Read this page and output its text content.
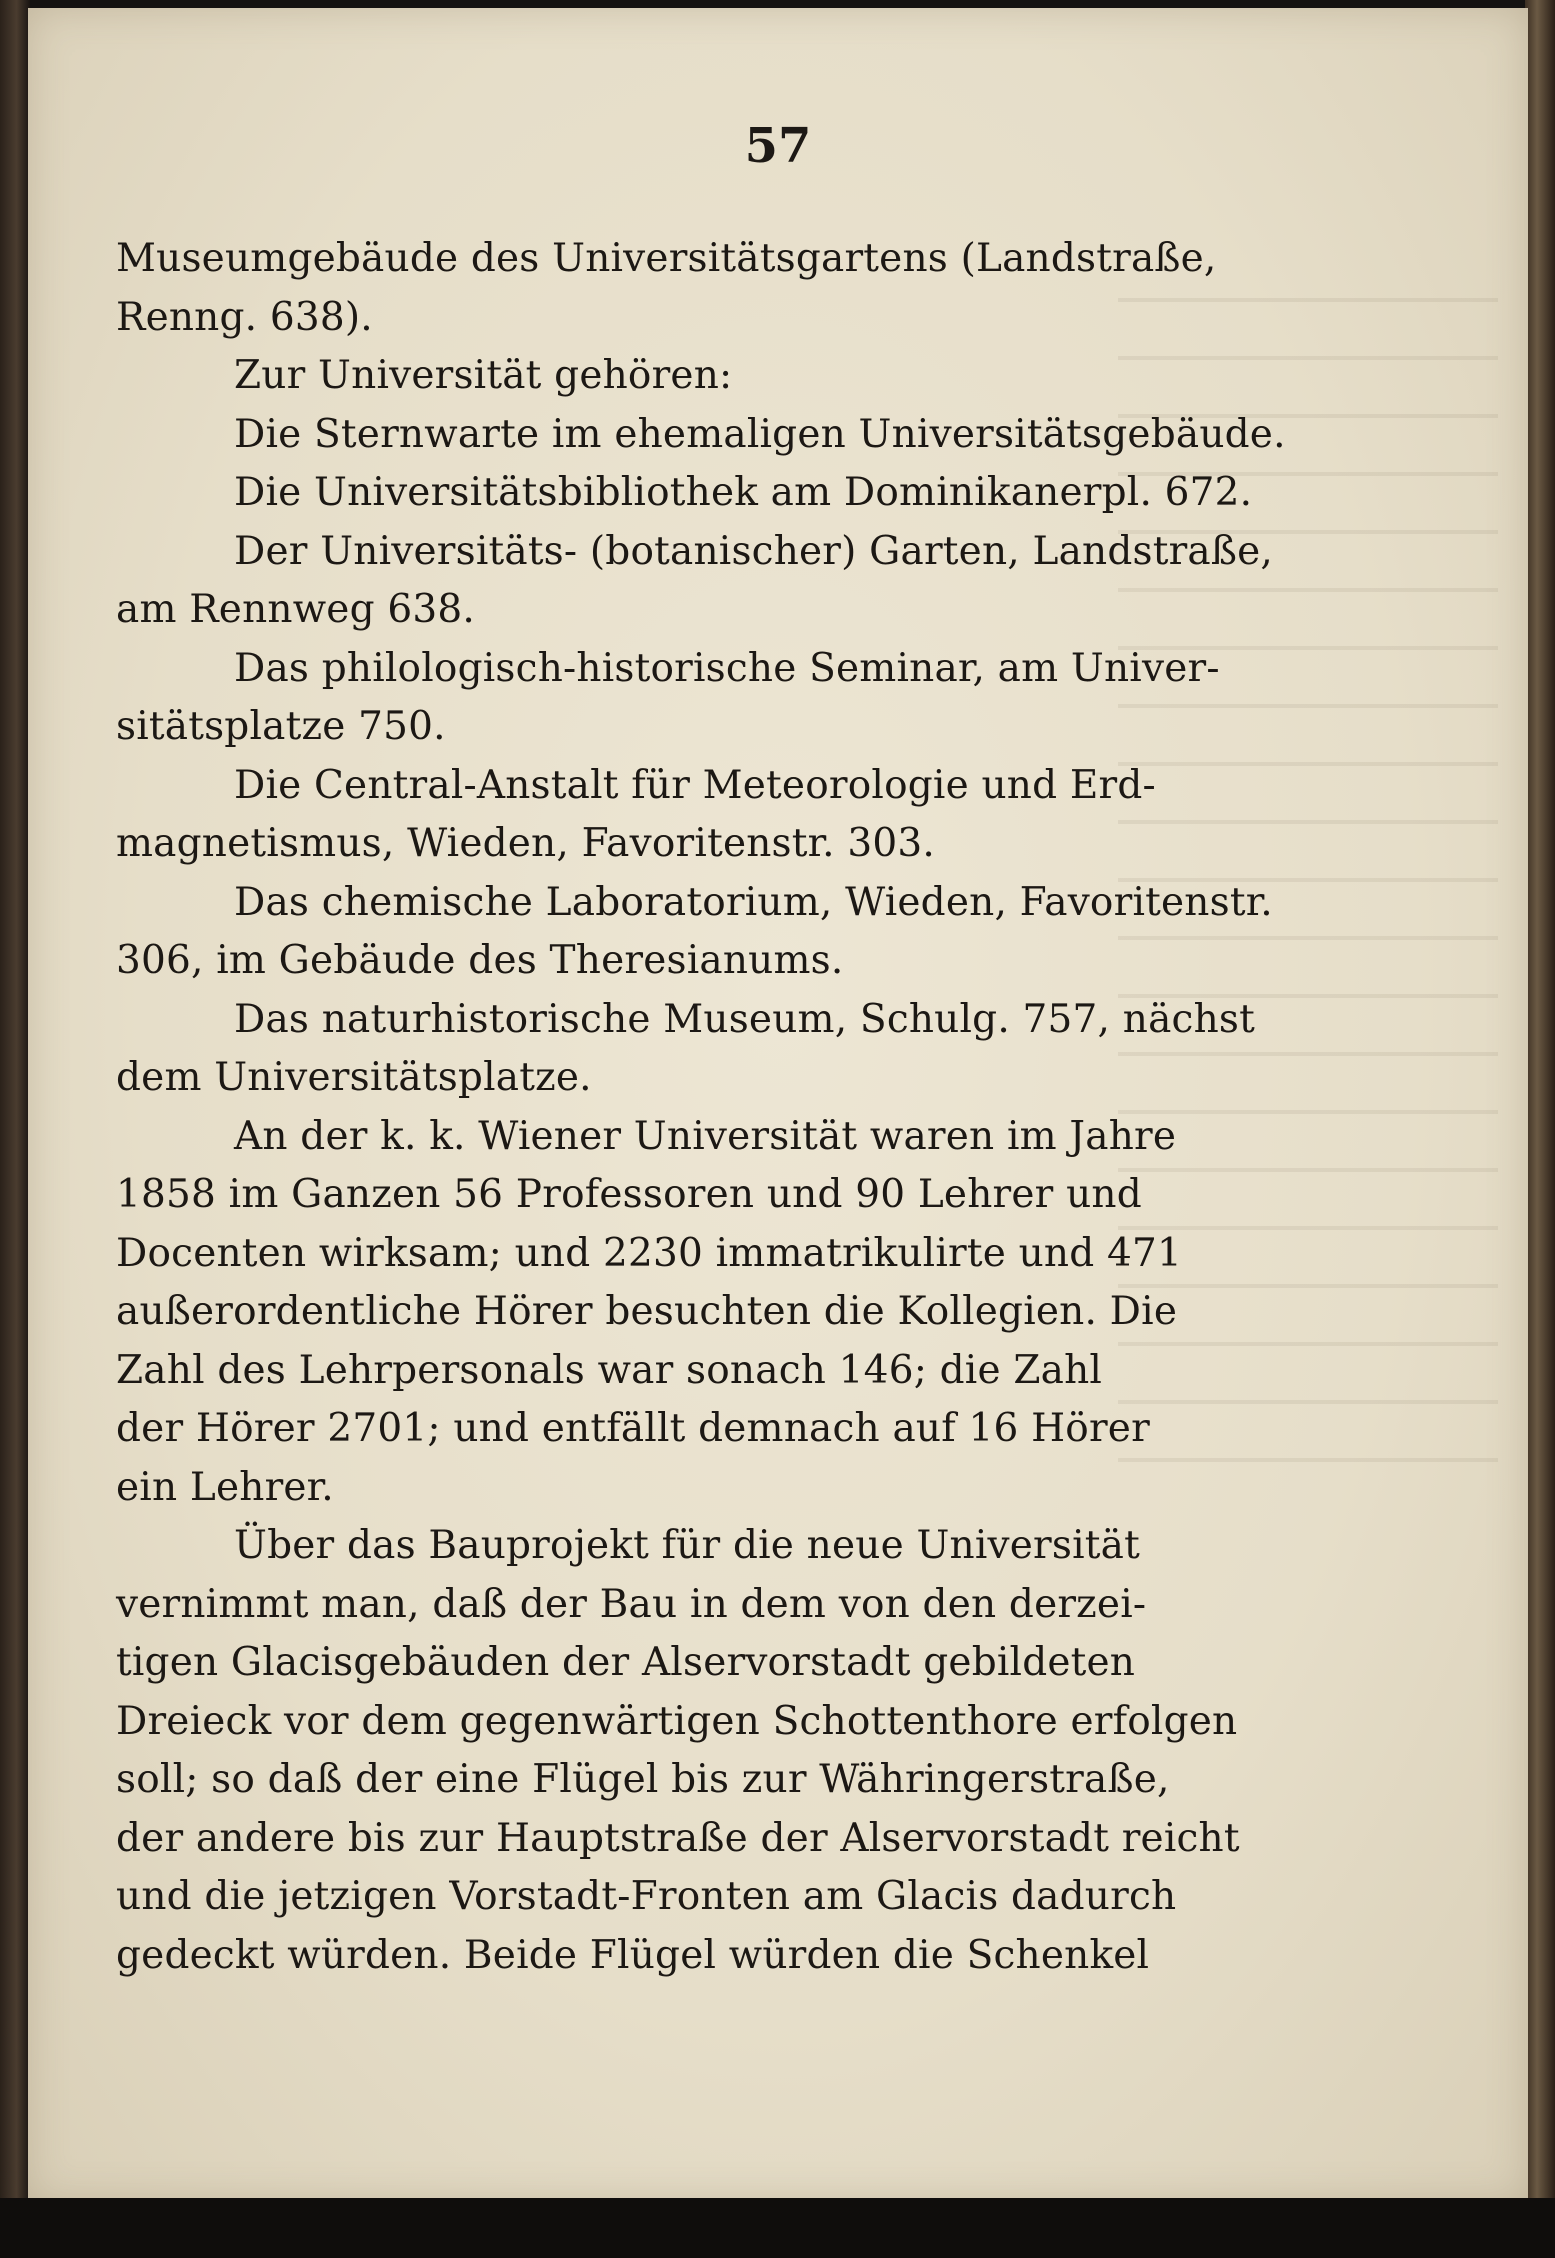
57

Museumgebäude des Universitätsgartens (Landstraße,
Renng. 638).
Zur Universität gehören:
Die Sternwarte im ehemaligen Universitätsgebäude.
Die Universitätsbibliothek am Dominikanerpl. 672.
Der Universitäts- (botanischer) Garten, Landstraße,
am Rennweg 638.
Das philologisch-historische Seminar, am Univer-
sitätsplatze 750.
Die Central-Anstalt für Meteorologie und Erd-
magnetismus, Wieden, Favoritenstr. 303.
Das chemische Laboratorium, Wieden, Favoritenstr.
306, im Gebäude des Theresianums.
Das naturhistorische Museum, Schulg. 757, nächst
dem Universitätsplatze.
An der k. k. Wiener Universität waren im Jahre
1858 im Ganzen 56 Professoren und 90 Lehrer und
Docenten wirksam; und 2230 immatrikulirte und 471
außerordentliche Hörer besuchten die Kollegien. Die
Zahl des Lehrpersonals war sonach 146; die Zahl
der Hörer 2701; und entfällt demnach auf 16 Hörer
ein Lehrer.
Über das Bauprojekt für die neue Universität
vernimmt man, daß der Bau in dem von den derzei-
tigen Glacisgebäuden der Alservorstadt gebildeten
Dreieck vor dem gegenwärtigen Schottenthore erfolgen
soll; so daß der eine Flügel bis zur Währingerstraße,
der andere bis zur Hauptstraße der Alservorstadt reicht
und die jetzigen Vorstadt-Fronten am Glacis dadurch
gedeckt würden. Beide Flügel würden die Schenkel
